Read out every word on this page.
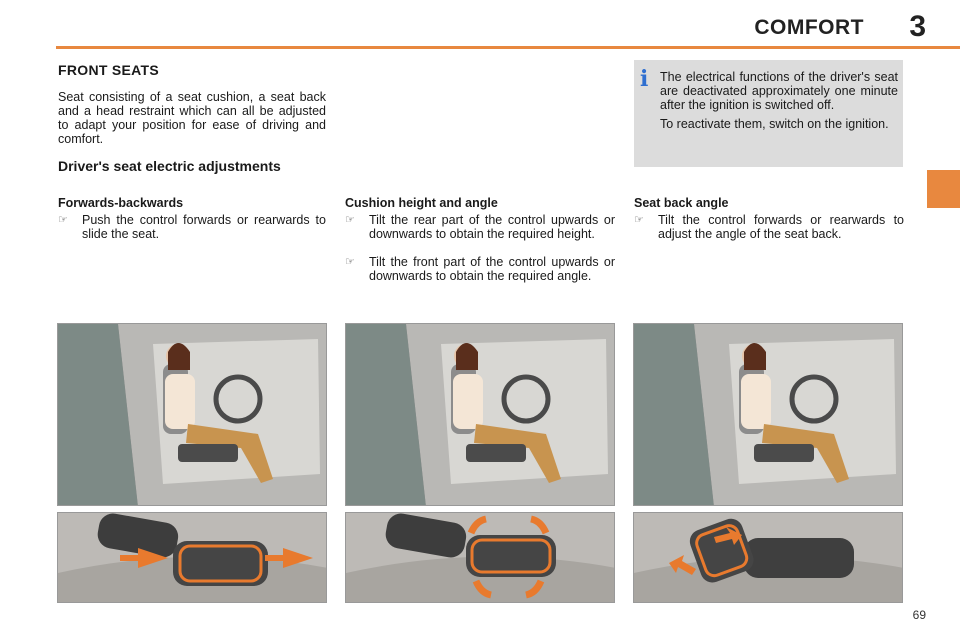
COMFORT 3
FRONT SEATS
Seat consisting of a seat cushion, a seat back and a head restraint which can all be adjusted to adapt your position for ease of driving and comfort.
Driver's seat electric adjustments
i The electrical functions of the driver's seat are deactivated approximately one minute after the ignition is switched off.

To reactivate them, switch on the ignition.

Forwards-backwards
☞ Push the control forwards or rearwards to slide the seat.
Cushion height and angle
☞ Tilt the rear part of the control upwards or downwards to obtain the required height.
☞ Tilt the front part of the control upwards or downwards to obtain the required angle.
Seat back angle
☞ Tilt the control forwards or rearwards to adjust the angle of the seat back.
69
